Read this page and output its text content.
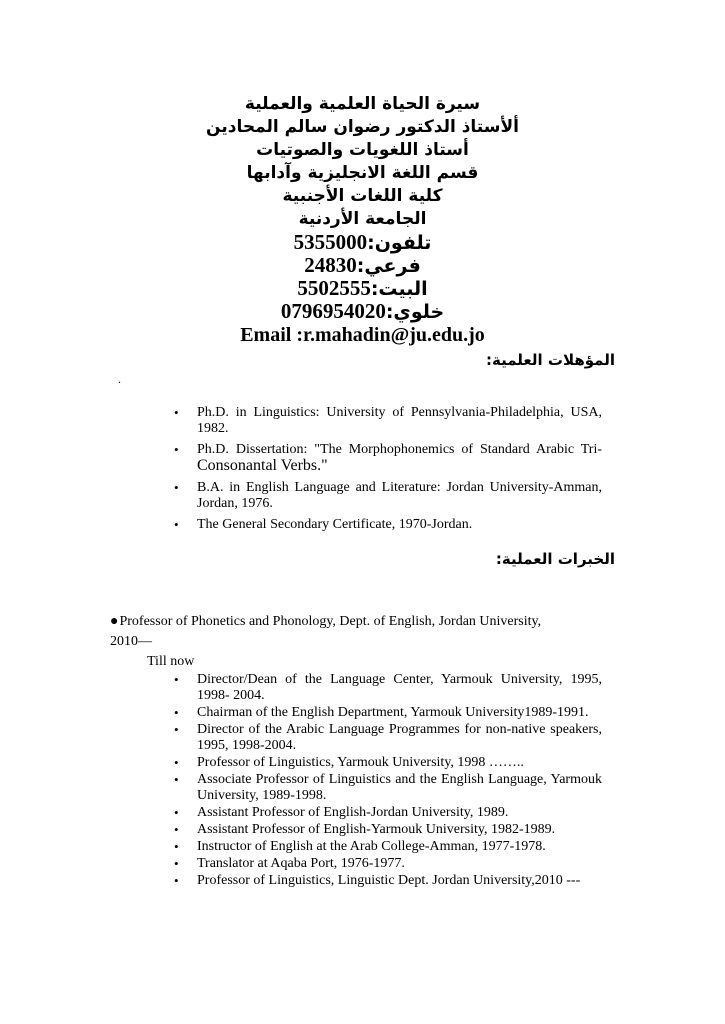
سيرة الحياة العلمية والعملية
ألأستاذ الدكتور رضوان سالم المحادين
أستاذ اللغويات والصوتيات
قسم اللغة الانجليزية وآدابها
كلية اللغات الأجنبية
الجامعة الأردنية
تلفون:5355000
فرعي:24830
البيت:5502555
خلوي:0796954020
Email :r.mahadin@ju.edu.jo
المؤهلات العلمية:
.
• Ph.D. in Linguistics: University of Pennsylvania-Philadelphia, USA, 1982.
• Ph.D. Dissertation: "The Morphophonemics of Standard Arabic Tri- Consonantal Verbs."
• B.A. in English Language and Literature: Jordan University-Amman, Jordan, 1976.
• The General Secondary Certificate, 1970-Jordan.
الخبرات العملية:
●Professor of Phonetics and Phonology, Dept. of English, Jordan University,
2010—
Till now
• Director/Dean of the Language Center, Yarmouk University, 1995, 1998- 2004.
• Chairman of the English Department, Yarmouk University1989-1991.
• Director of the Arabic Language Programmes for non-native speakers, 1995, 1998-2004.
• Professor of Linguistics, Yarmouk University, 1998 ……..
• Associate Professor of Linguistics and the English Language, Yarmouk University, 1989-1998.
• Assistant Professor of English-Jordan University, 1989.
• Assistant Professor of English-Yarmouk University, 1982-1989.
• Instructor of English at the Arab College-Amman, 1977-1978.
• Translator at Aqaba Port, 1976-1977.
• Professor of Linguistics, Linguistic Dept. Jordan University,2010 ---
